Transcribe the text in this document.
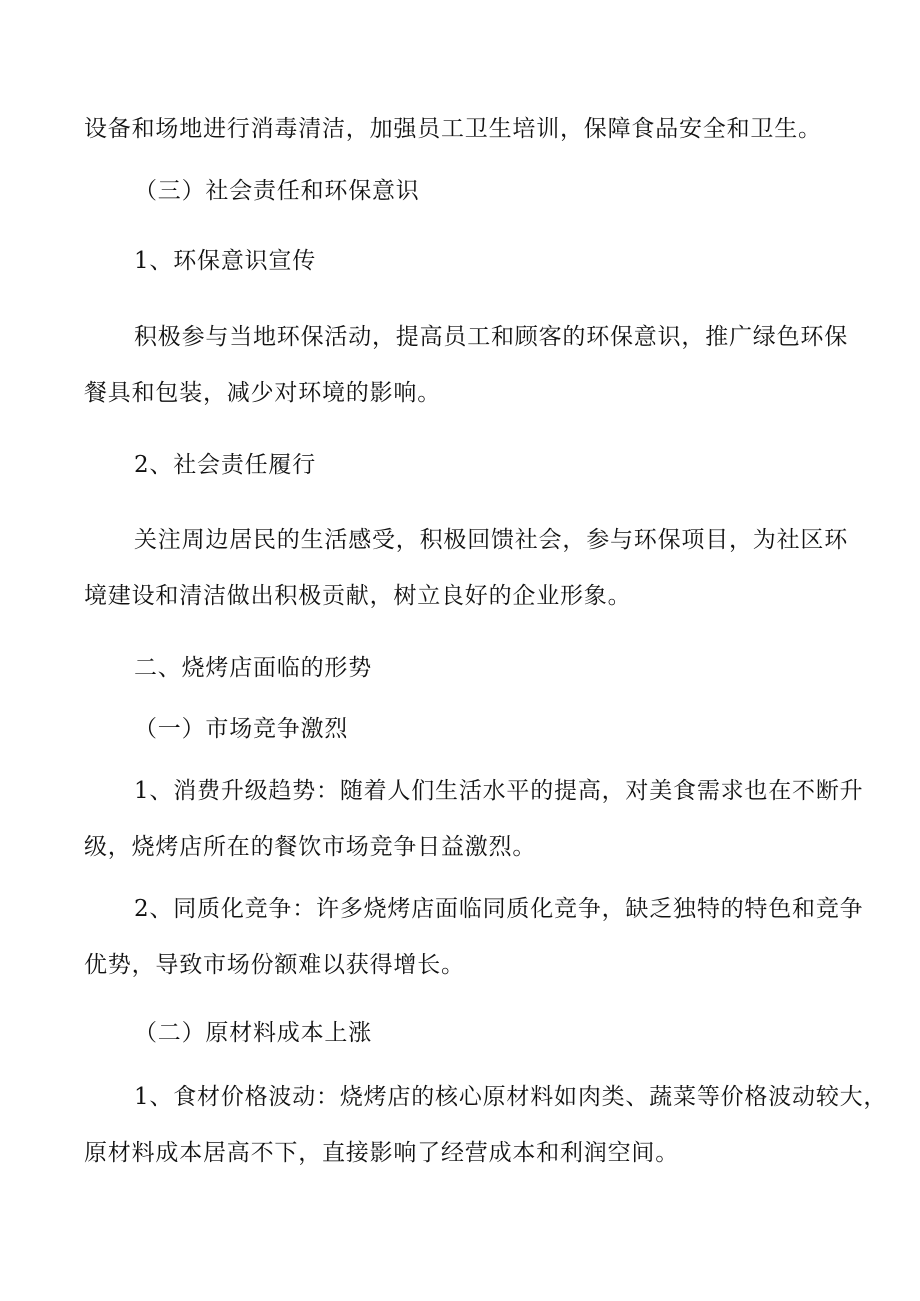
设备和场地进行消毒清洁，加强员工卫生培训，保障食品安全和卫生。
（三）社会责任和环保意识
1、环保意识宣传
积极参与当地环保活动，提高员工和顾客的环保意识，推广绿色环保
餐具和包装，减少对环境的影响。
2、社会责任履行
关注周边居民的生活感受，积极回馈社会，参与环保项目，为社区环
境建设和清洁做出积极贡献，树立良好的企业形象。
二、烧烤店面临的形势
（一）市场竞争激烈
1、消费升级趋势：随着人们生活水平的提高，对美食需求也在不断升
级，烧烤店所在的餐饮市场竞争日益激烈。
2、同质化竞争：许多烧烤店面临同质化竞争，缺乏独特的特色和竞争
优势，导致市场份额难以获得增长。
（二）原材料成本上涨
1、食材价格波动：烧烤店的核心原材料如肉类、蔬菜等价格波动较大，
原材料成本居高不下，直接影响了经营成本和利润空间。
